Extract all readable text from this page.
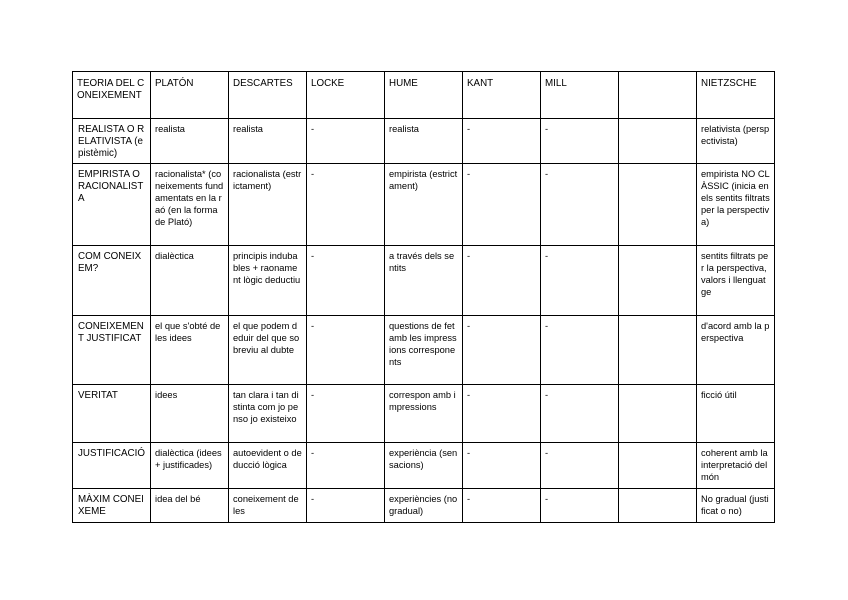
TEORIA DEL CONEIXEMENT	PLATÓN	DESCARTES	LOCKE	HUME	KANT	MILL		NIETZSCHE
REALISTA O RELATIVISTA (epistèmic)	realista	realista	-	realista	-	-		relativista (perspectivista)
EMPIRISTA O RACIONALISTA	racionalista* (coneixements fundamentats en la raó (en la forma de Plató)	racionalista (estrictament)	-	empirista (estrictament)	-	-		empirista NO CLÀSSIC (inicia en els sentits filtrats per la perspectiva)
COM CONEIXEM?	dialèctica	principis indubables + raonament lògic deductiu	-	a través dels sentits	-	-		sentits filtrats per la perspectiva, valors i llenguatge
CONEIXEMENT JUSTIFICAT	el que s'obté de les idees	el que podem deduir del que sobreviu al dubte	-	questions de fet amb les impressions corresponents	-	-		d'acord amb la perspectiva
VERITAT	idees	tan clara i tan distinta com jo penso jo existeixo	-	correspon amb impressions	-	-		ficció útil
JUSTIFICACIÓ	dialèctica (idees + justificades)	autoevident o deducció lògica	-	experiència (sensacions)	-	-		coherent amb la interpretació del món
MÀXIM CONEIXEME	idea del bé	coneixement de les	-	experiències (no gradual)	-	-		No gradual (justificat o no)
